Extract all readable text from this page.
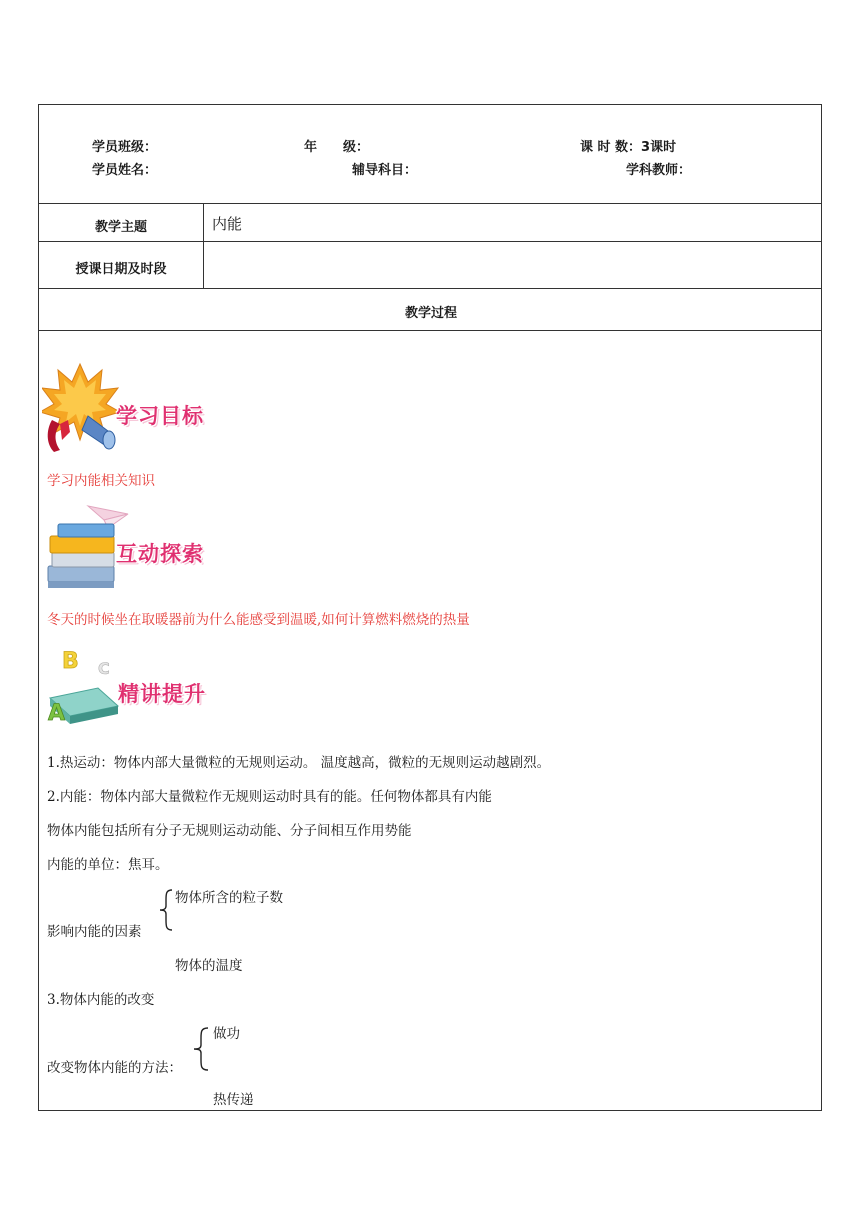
学员班级：	年　　级：	课 时 数：3课时
学员姓名：	辅导科目：	学科教师：
教学主题	内能
授课日期及时段
教学过程
学习目标
学习内能相关知识
互动探索
冬天的时候坐在取暖器前为什么能感受到温暖,如何计算燃料燃烧的热量
B C
A
精讲提升
1.热运动：物体内部大量微粒的无规则运动。 温度越高，微粒的无规则运动越剧烈。
2.内能：物体内部大量微粒作无规则运动时具有的能。任何物体都具有内能
物体内能包括所有分子无规则运动动能、分子间相互作用势能
内能的单位：焦耳。
物体所含的粒子数
影响内能的因素
物体的温度
3.物体内能的改变
做功
改变物体内能的方法：
热传递
